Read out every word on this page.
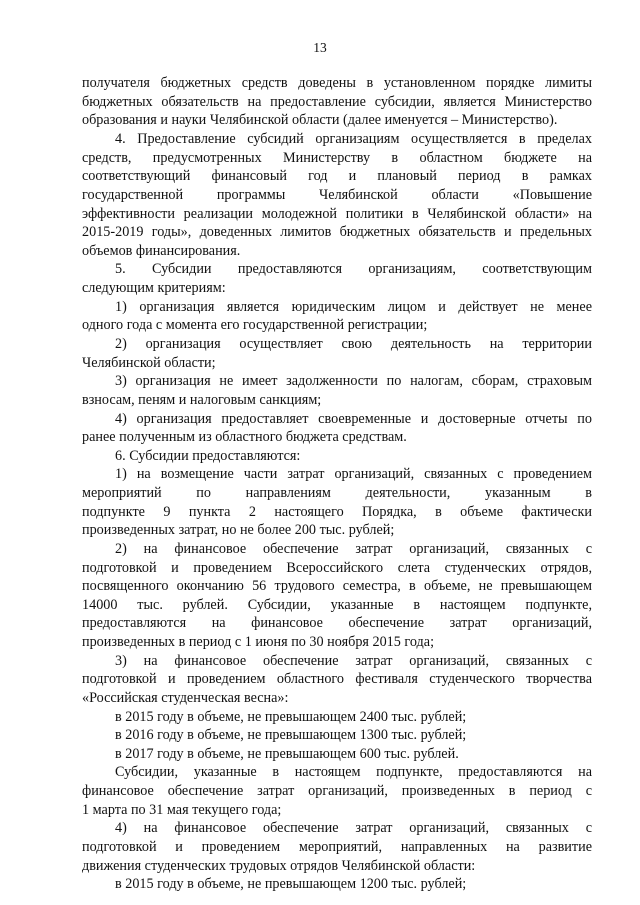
13
получателя бюджетных средств доведены в установленном порядке лимиты
бюджетных обязательств на предоставление субсидии, является Министерство
образования и науки Челябинской области (далее именуется – Министерство).
4. Предоставление субсидий организациям осуществляется в пределах
средств, предусмотренных Министерству в областном бюджете на
соответствующий финансовый год и плановый период в рамках
государственной программы Челябинской области «Повышение
эффективности реализации молодежной политики в Челябинской области» на
2015-2019 годы», доведенных лимитов бюджетных обязательств и предельных
объемов финансирования.
5. Субсидии предоставляются организациям, соответствующим
следующим критериям:
1) организация является юридическим лицом и действует не менее
одного года с момента его государственной регистрации;
2) организация осуществляет свою деятельность на территории
Челябинской области;
3) организация не имеет задолженности по налогам, сборам, страховым
взносам, пеням и налоговым санкциям;
4) организация предоставляет своевременные и достоверные отчеты по
ранее полученным из областного бюджета средствам.
6. Субсидии предоставляются:
1) на возмещение части затрат организаций, связанных с проведением
мероприятий по направлениям деятельности, указанным в
подпункте 9 пункта 2 настоящего Порядка, в объеме фактически
произведенных затрат, но не более 200 тыс. рублей;
2) на финансовое обеспечение затрат организаций, связанных с
подготовкой и проведением Всероссийского слета студенческих отрядов,
посвященного окончанию 56 трудового семестра, в объеме, не превышающем
14000 тыс. рублей. Субсидии, указанные в настоящем подпункте,
предоставляются на финансовое обеспечение затрат организаций,
произведенных в период с 1 июня по 30 ноября 2015 года;
3) на финансовое обеспечение затрат организаций, связанных с
подготовкой и проведением областного фестиваля студенческого творчества
«Российская студенческая весна»:
в 2015 году в объеме, не превышающем 2400 тыс. рублей;
в 2016 году в объеме, не превышающем 1300 тыс. рублей;
в 2017 году в объеме, не превышающем 600 тыс. рублей.
Субсидии, указанные в настоящем подпункте, предоставляются на
финансовое обеспечение затрат организаций, произведенных в период с
1 марта по 31 мая текущего года;
4) на финансовое обеспечение затрат организаций, связанных с
подготовкой и проведением мероприятий, направленных на развитие
движения студенческих трудовых отрядов Челябинской области:
в 2015 году в объеме, не превышающем 1200 тыс. рублей;
